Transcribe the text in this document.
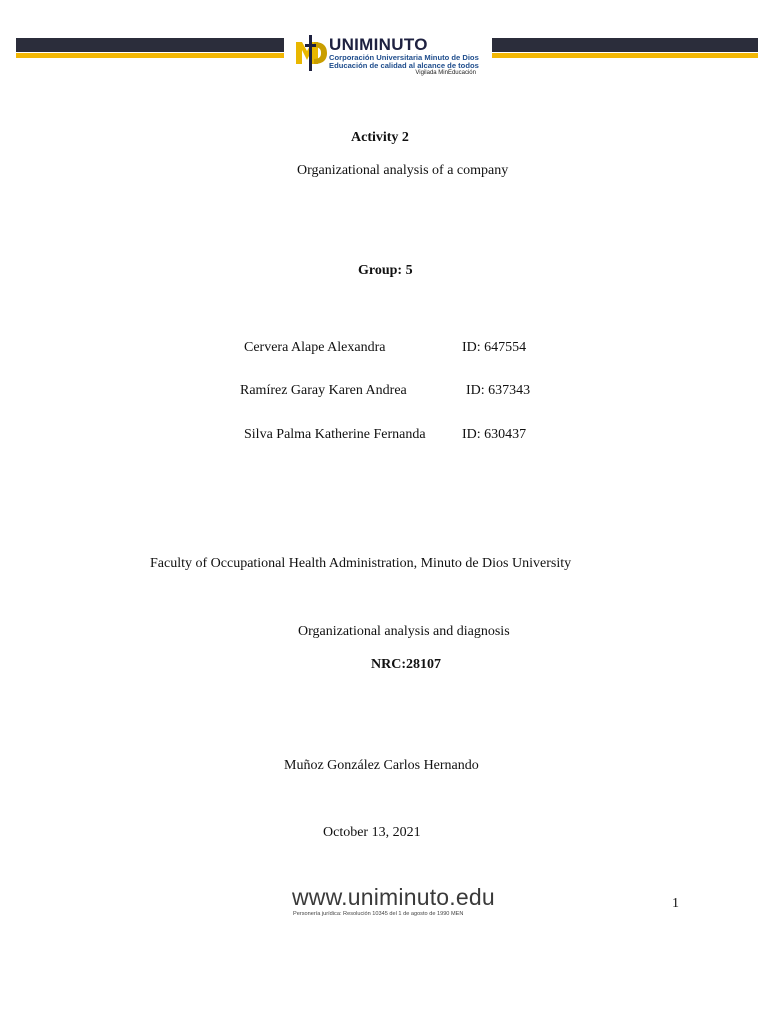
UNIMINUTO
Corporación Universitaria Minuto de Dios
Educación de calidad al alcance de todos
Vigilada MinEducación
Activity 2
Organizational analysis of a company
Group: 5
Cervera Alape Alexandra	ID: 647554
Ramírez Garay Karen Andrea	ID: 637343
Silva Palma Katherine Fernanda	ID: 630437
Faculty of Occupational Health Administration, Minuto de Dios University
Organizational analysis and diagnosis
NRC:28107
Muñoz González Carlos Hernando
October 13, 2021
www.uniminuto.edu
Personería jurídica: Resolución 10345 del 1 de agosto de 1990 MEN
1
